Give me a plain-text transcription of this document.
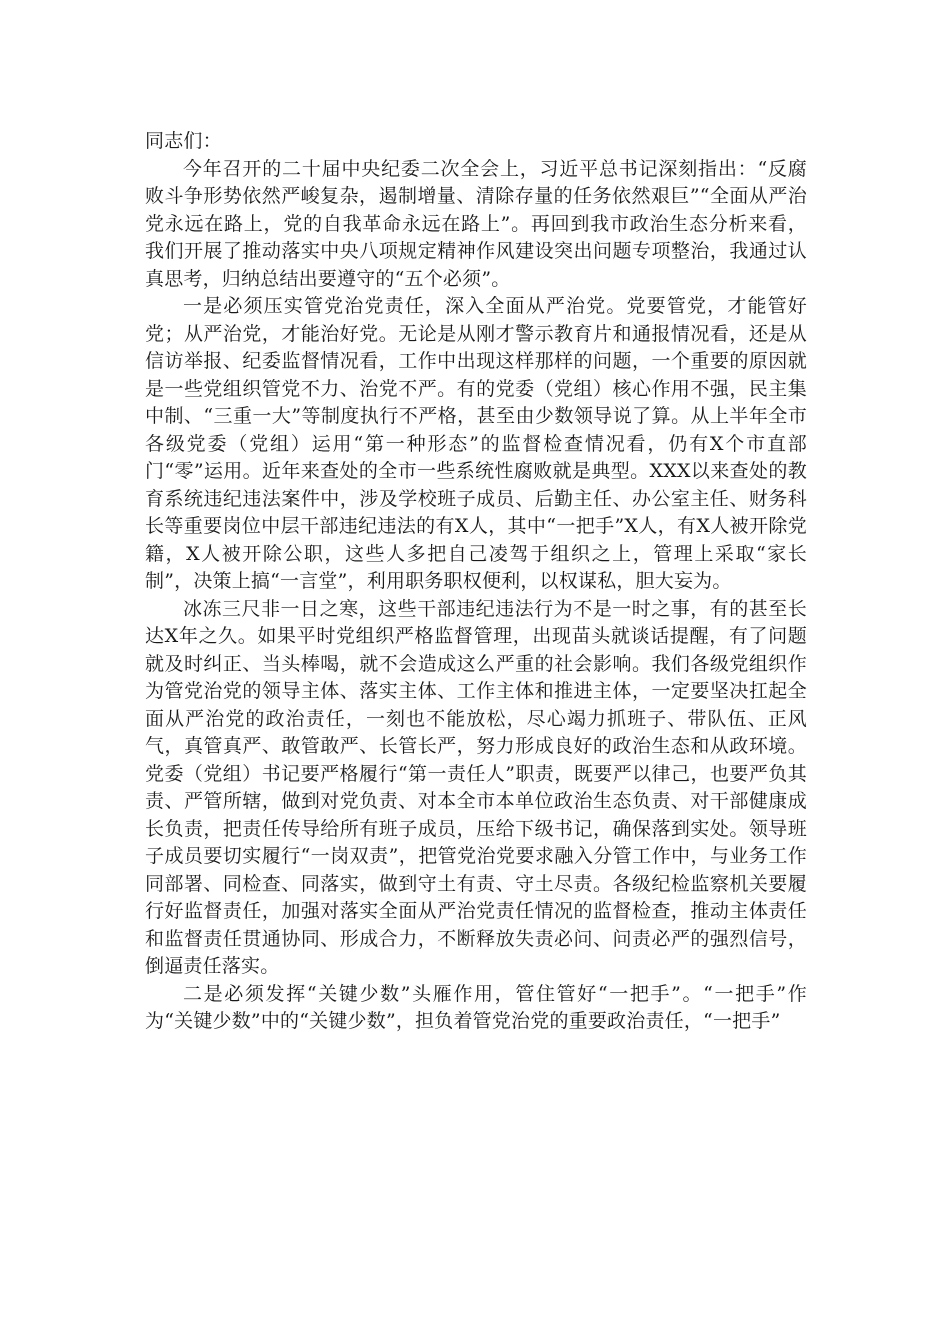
同志们：

今年召开的二十届中央纪委二次全会上，习近平总书记深刻指出：“反腐败斗争形势依然严峻复杂，遏制增量、清除存量的任务依然艰巨”“全面从严治党永远在路上，党的自我革命永远在路上”。再回到我市政治生态分析来看，我们开展了推动落实中央八项规定精神作风建设突出问题专项整治，我通过认真思考，归纳总结出要遵守的“五个必须”。

一是必须压实管党治党责任，深入全面从严治党。党要管党，才能管好党；从严治党，才能治好党。无论是从刚才警示教育片和通报情况看，还是从信访举报、纪委监督情况看，工作中出现这样那样的问题，一个重要的原因就是一些党组织管党不力、治党不严。有的党委（党组）核心作用不强，民主集中制、“三重一大”等制度执行不严格，甚至由少数领导说了算。从上半年全市各级党委（党组）运用“第一种形态”的监督检查情况看，仍有X个市直部门“零”运用。近年来查处的全市一些系统性腐败就是典型。XXX以来查处的教育系统违纪违法案件中，涉及学校班子成员、后勤主任、办公室主任、财务科长等重要岗位中层干部违纪违法的有X人，其中“一把手”X人，有X人被开除党籍，X人被开除公职，这些人多把自己凌驾于组织之上，管理上采取“家长制”，决策上搞“一言堂”，利用职务职权便利，以权谋私，胆大妄为。

冰冻三尺非一日之寒，这些干部违纪违法行为不是一时之事，有的甚至长达X年之久。如果平时党组织严格监督管理，出现苗头就谈话提醒，有了问题就及时纠正、当头棒喝，就不会造成这么严重的社会影响。我们各级党组织作为管党治党的领导主体、落实主体、工作主体和推进主体，一定要坚决扛起全面从严治党的政治责任，一刻也不能放松，尽心竭力抓班子、带队伍、正风气，真管真严、敢管敢严、长管长严，努力形成良好的政治生态和从政环境。党委（党组）书记要严格履行“第一责任人”职责，既要严以律己，也要严负其责、严管所辖，做到对党负责、对本全市本单位政治生态负责、对干部健康成长负责，把责任传导给所有班子成员，压给下级书记，确保落到实处。领导班子成员要切实履行“一岗双责”，把管党治党要求融入分管工作中，与业务工作同部署、同检查、同落实，做到守土有责、守土尽责。各级纪检监察机关要履行好监督责任，加强对落实全面从严治党责任情况的监督检查，推动主体责任和监督责任贯通协同、形成合力，不断释放失责必问、问责必严的强烈信号，倒逼责任落实。

二是必须发挥“关键少数”头雁作用，管住管好“一把手”。“一把手”作为“关键少数”中的“关键少数”，担负着管党治党的重要政治责任，“一把手”
